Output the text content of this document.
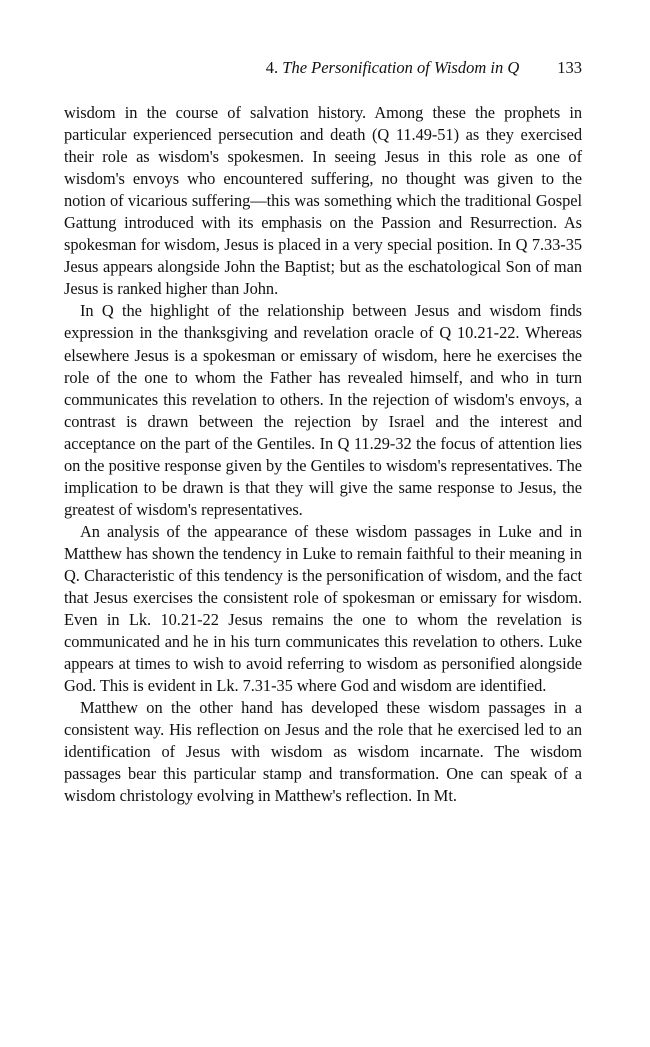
4. The Personification of Wisdom in Q 133

wisdom in the course of salvation history. Among these the prophets in particular experienced persecution and death (Q 11.49-51) as they exercised their role as wisdom's spokesmen. In seeing Jesus in this role as one of wisdom's envoys who encountered suffering, no thought was given to the notion of vicarious suffering—this was something which the traditional Gospel Gattung introduced with its emphasis on the Passion and Resurrection. As spokesman for wisdom, Jesus is placed in a very special position. In Q 7.33-35 Jesus appears alongside John the Baptist; but as the eschatological Son of man Jesus is ranked higher than John.

In Q the highlight of the relationship between Jesus and wisdom finds expression in the thanksgiving and revelation oracle of Q 10.21-22. Whereas elsewhere Jesus is a spokesman or emissary of wisdom, here he exercises the role of the one to whom the Father has revealed himself, and who in turn communicates this revelation to others. In the rejection of wisdom's envoys, a contrast is drawn between the rejection by Israel and the interest and acceptance on the part of the Gentiles. In Q 11.29-32 the focus of attention lies on the positive response given by the Gentiles to wisdom's representatives. The implication to be drawn is that they will give the same response to Jesus, the greatest of wisdom's representatives.

An analysis of the appearance of these wisdom passages in Luke and in Matthew has shown the tendency in Luke to remain faithful to their meaning in Q. Characteristic of this tendency is the personification of wisdom, and the fact that Jesus exercises the consistent role of spokesman or emissary for wisdom. Even in Lk. 10.21-22 Jesus remains the one to whom the revelation is communicated and he in his turn communicates this revelation to others. Luke appears at times to wish to avoid referring to wisdom as personified alongside God. This is evident in Lk. 7.31-35 where God and wisdom are identified.

Matthew on the other hand has developed these wisdom passages in a consistent way. His reflection on Jesus and the role that he exercised led to an identification of Jesus with wisdom as wisdom incarnate. The wisdom passages bear this particular stamp and transformation. One can speak of a wisdom christology evolving in Matthew's reflection. In Mt.
